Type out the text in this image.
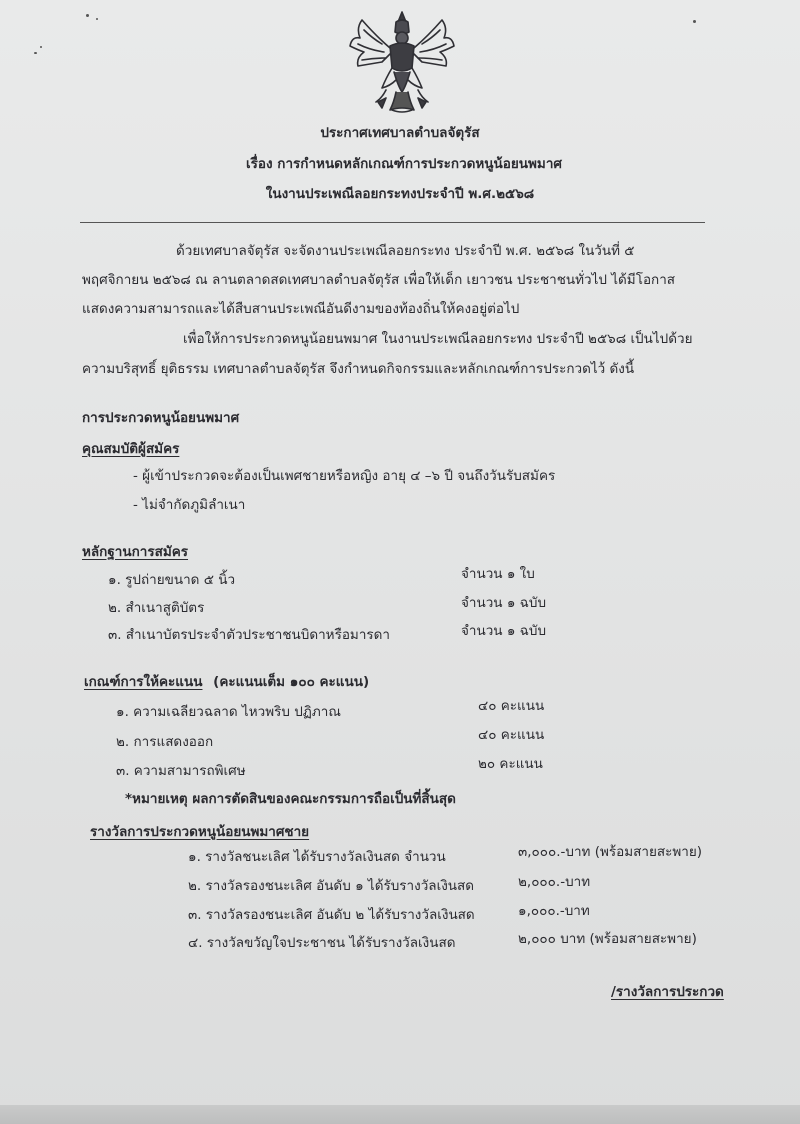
ประกาศเทศบาลตำบลจัตุรัส
เรื่อง การกำหนดหลักเกณฑ์การประกวดหนูน้อยนพมาศ
ในงานประเพณีลอยกระทงประจำปี พ.ศ.๒๕๖๘
ด้วยเทศบาลจัตุรัส จะจัดงานประเพณีลอยกระทง ประจำปี พ.ศ. ๒๕๖๘ ในวันที่ ๕
พฤศจิกายน ๒๕๖๘ ณ ลานตลาดสดเทศบาลตำบลจัตุรัส เพื่อให้เด็ก เยาวชน ประชาชนทั่วไป ได้มีโอกาส
แสดงความสามารถและได้สืบสานประเพณีอันดีงามของท้องถิ่นให้คงอยู่ต่อไป
เพื่อให้การประกวดหนูน้อยนพมาศ ในงานประเพณีลอยกระทง ประจำปี ๒๕๖๘ เป็นไปด้วย
ความบริสุทธิ์ ยุติธรรม เทศบาลตำบลจัตุรัส จึงกำหนดกิจกรรมและหลักเกณฑ์การประกวดไว้ ดังนี้
การประกวดหนูน้อยนพมาศ
คุณสมบัติผู้สมัคร
- ผู้เข้าประกวดจะต้องเป็นเพศชายหรือหญิง อายุ ๔ –๖ ปี จนถึงวันรับสมัคร
- ไม่จำกัดภูมิลำเนา
หลักฐานการสมัคร
๑. รูปถ่ายขนาด ๕ นิ้ว	จำนวน ๑ ใบ
๒. สำเนาสูติบัตร	จำนวน ๑ ฉบับ
๓. สำเนาบัตรประจำตัวประชาชนบิดาหรือมารดา	จำนวน ๑ ฉบับ
เกณฑ์การให้คะแนน (คะแนนเต็ม ๑๐๐ คะแนน)
๑. ความเฉลียวฉลาด ไหวพริบ ปฏิภาณ	๔๐ คะแนน
๒. การแสดงออก	๔๐ คะแนน
๓. ความสามารถพิเศษ	๒๐ คะแนน
*หมายเหตุ ผลการตัดสินของคณะกรรมการถือเป็นที่สิ้นสุด
รางวัลการประกวดหนูน้อยนพมาศชาย
๑. รางวัลชนะเลิศ ได้รับรางวัลเงินสด จำนวน	๓,๐๐๐.-บาท (พร้อมสายสะพาย)
๒. รางวัลรองชนะเลิศ อันดับ ๑ ได้รับรางวัลเงินสด	๒,๐๐๐.-บาท
๓. รางวัลรองชนะเลิศ อันดับ ๒ ได้รับรางวัลเงินสด	๑,๐๐๐.-บาท
๔. รางวัลขวัญใจประชาชน ได้รับรางวัลเงินสด	๒,๐๐๐ บาท (พร้อมสายสะพาย)
/รางวัลการประกวด
